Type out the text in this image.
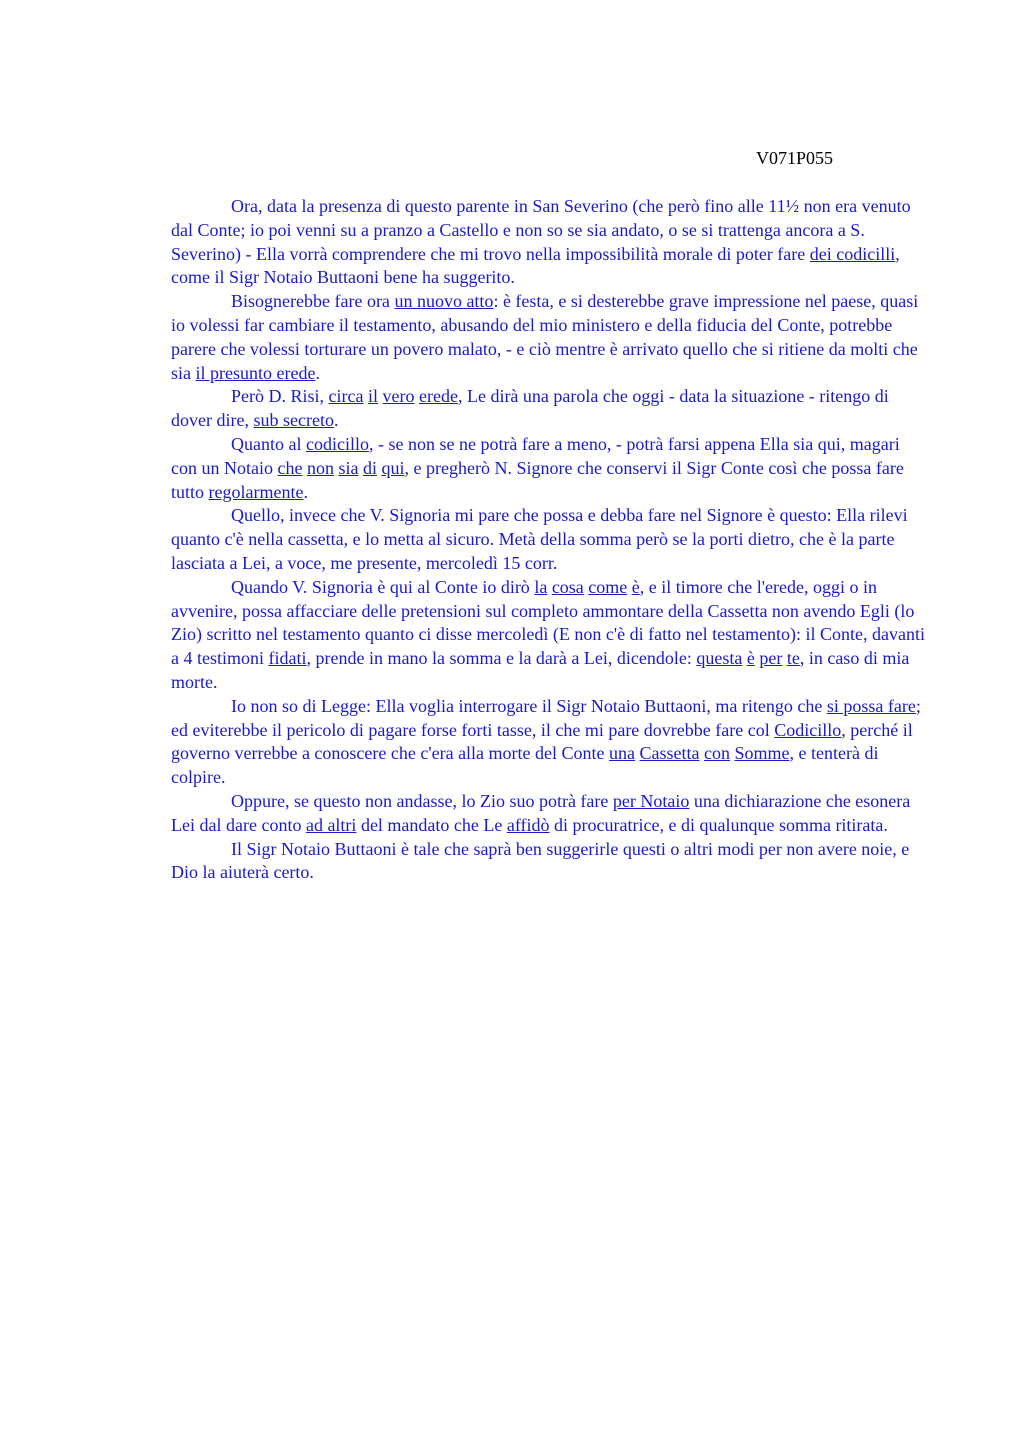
V071P055

Ora, data la presenza di questo parente in San Severino (che però fino alle 11½ non era venuto dal Conte; io poi venni su a pranzo a Castello e non so se sia andato, o se si trattenga ancora a S. Severino) - Ella vorrà comprendere che mi trovo nella impossibilità morale di poter fare dei codicilli, come il Sigr Notaio Buttaoni bene ha suggerito.

Bisognerebbe fare ora un nuovo atto: è festa, e si desterebbe grave impressione nel paese, quasi io volessi far cambiare il testamento, abusando del mio ministero e della fiducia del Conte, potrebbe parere che volessi torturare un povero malato, - e ciò mentre è arrivato quello che si ritiene da molti che sia il presunto erede.

Però D. Risi, circa il vero erede, Le dirà una parola che oggi - data la situazione - ritengo di dover dire, sub secreto.

Quanto al codicillo, - se non se ne potrà fare a meno, - potrà farsi appena Ella sia qui, magari con un Notaio che non sia di qui, e pregherò N. Signore che conservi il Sigr Conte così che possa fare tutto regolarmente.

Quello, invece che V. Signoria mi pare che possa e debba fare nel Signore è questo: Ella rilevi quanto c'è nella cassetta, e lo metta al sicuro. Metà della somma però se la porti dietro, che è la parte lasciata a Lei, a voce, me presente, mercoledì 15 corr.

Quando V. Signoria è qui al Conte io dirò la cosa come è, e il timore che l'erede, oggi o in avvenire, possa affacciare delle pretensioni sul completo ammontare della Cassetta non avendo Egli (lo Zio) scritto nel testamento quanto ci disse mercoledì (E non c'è di fatto nel testamento): il Conte, davanti a 4 testimoni fidati, prende in mano la somma e la darà a Lei, dicendole: questa è per te, in caso di mia morte.

Io non so di Legge: Ella voglia interrogare il Sigr Notaio Buttaoni, ma ritengo che si possa fare; ed eviterebbe il pericolo di pagare forse forti tasse, il che mi pare dovrebbe fare col Codicillo, perché il governo verrebbe a conoscere che c'era alla morte del Conte una Cassetta con Somme, e tenterà di colpire.

Oppure, se questo non andasse, lo Zio suo potrà fare per Notaio una dichiarazione che esonera Lei dal dare conto ad altri del mandato che Le affidò di procuratrice, e di qualunque somma ritirata.

Il Sigr Notaio Buttaoni è tale che saprà ben suggerirle questi o altri modi per non avere noie, e Dio la aiuterà certo.
